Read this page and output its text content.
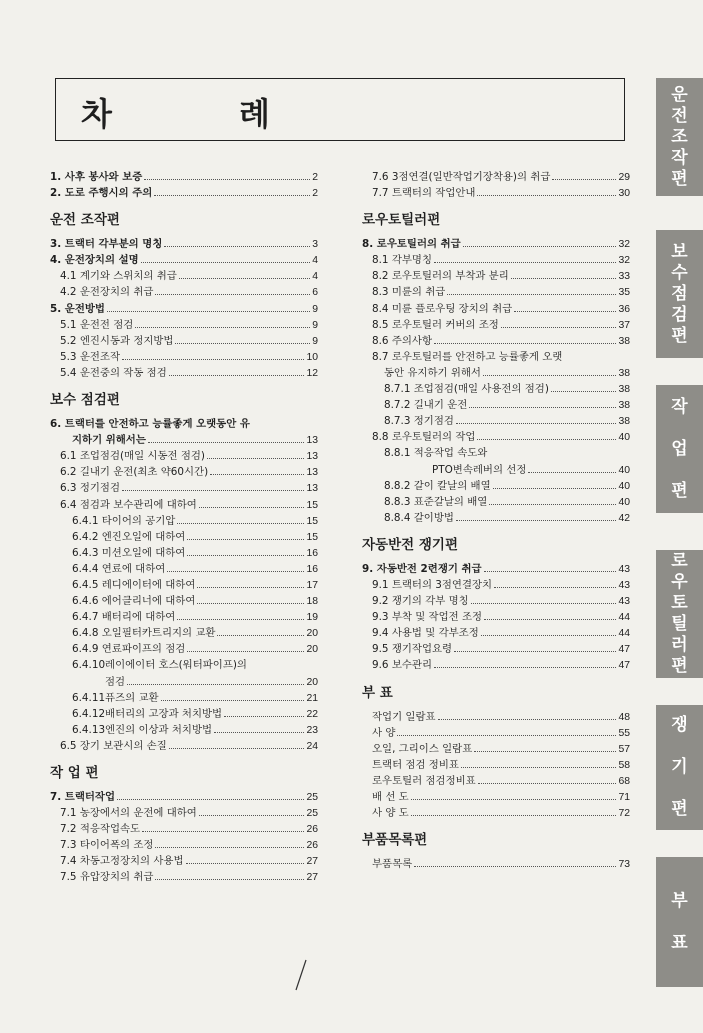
차 례
1. 사후 봉사와 보증	2
2. 도로 주행시의 주의	2
운전 조작편
3. 트랙터 각부분의 명칭	3
4. 운전장치의 설명	4
4.1 계기와 스위치의 취급	4
4.2 운전장치의 취급	6
5. 운전방법	9
5.1 운전전 점검	9
5.2 엔진시동과 정지방법	9
5.3 운전조작	10
5.4 운전중의 작동 점검	12
보수 점검편
6. 트랙터를 안전하고 능률좋게 오랫동안 유
지하기 위해서는	13
6.1 조업점검(매일 시동전 점검)	13
6.2 길내기 운전(최초 약60시간)	13
6.3 정기점검	13
6.4 점검과 보수관리에 대하여	15
6.4.1 타이어의 공기압	15
6.4.2 엔진오일에 대하여	15
6.4.3 미션오일에 대하여	16
6.4.4 연료에 대하여	16
6.4.5 레디에이터에 대하여	17
6.4.6 에어클리너에 대하여	18
6.4.7 배터리에 대하여	19
6.4.8 오일필터카트리지의 교환	20
6.4.9 연료파이프의 점검	20
6.4.10레이에이터 호스(워터파이프)의
점검	20
6.4.11퓨즈의 교환	21
6.4.12배터리의 고장과 처치방법	22
6.4.13엔진의 이상과 처치방법	23
6.5 장기 보관시의 손질	24
작 업 편
7. 트랙터작업	25
7.1 농장에서의 운전에 대하여	25
7.2 적응작업속도	26
7.3 타이어폭의 조정	26
7.4 차동고정장치의 사용법	27
7.5 유압장치의 취급	27
7.6 3점연결(일반작업기장착용)의 취급	29
7.7 트랙터의 작업안내	30
로우토틸러편
8. 로우토틸러의 취급	32
8.1 각부명칭	32
8.2 로우토틸러의 부착과 분리	33
8.3 미륜의 취급	35
8.4 미륜 플로우팅 장치의 취급	36
8.5 로우토틸러 커버의 조정	37
8.6 주의사항	38
8.7 로우토틸러를 안전하고 능률좋게 오랫
동안 유지하기 위해서	38
8.7.1 조업점검(매일 사용전의 점검)	38
8.7.2 길내기 운전	38
8.7.3 정기점검	38
8.8 로우토틸러의 작업	40
8.8.1 적응작업 속도와
PTO변속레버의 선정	40
8.8.2 갈이 칼날의 배열	40
8.8.3 표준갈날의 배열	40
8.8.4 갈이방법	42
자동반전 쟁기편
9. 자동반전 2련쟁기 취급	43
9.1 트랙터의 3점연결장치	43
9.2 쟁기의 각부 명칭	43
9.3 부착 및 작업전 조정	44
9.4 사용법 및 각부조정	44
9.5 쟁기작업요령	47
9.6 보수관리	47
부 표
작업기 일람표	48
사 양	55
오일, 그리이스 일람표	57
트랙터 점검 정비표	58
로우토틸러 점검정비표	68
배 선 도	71
사 양 도	72
부품목록편
부품목록	73
운
전
조
작
편
보
수
점
검
편
작

업

편
로
우
토
틸
러
편
쟁

기

편
부

표
